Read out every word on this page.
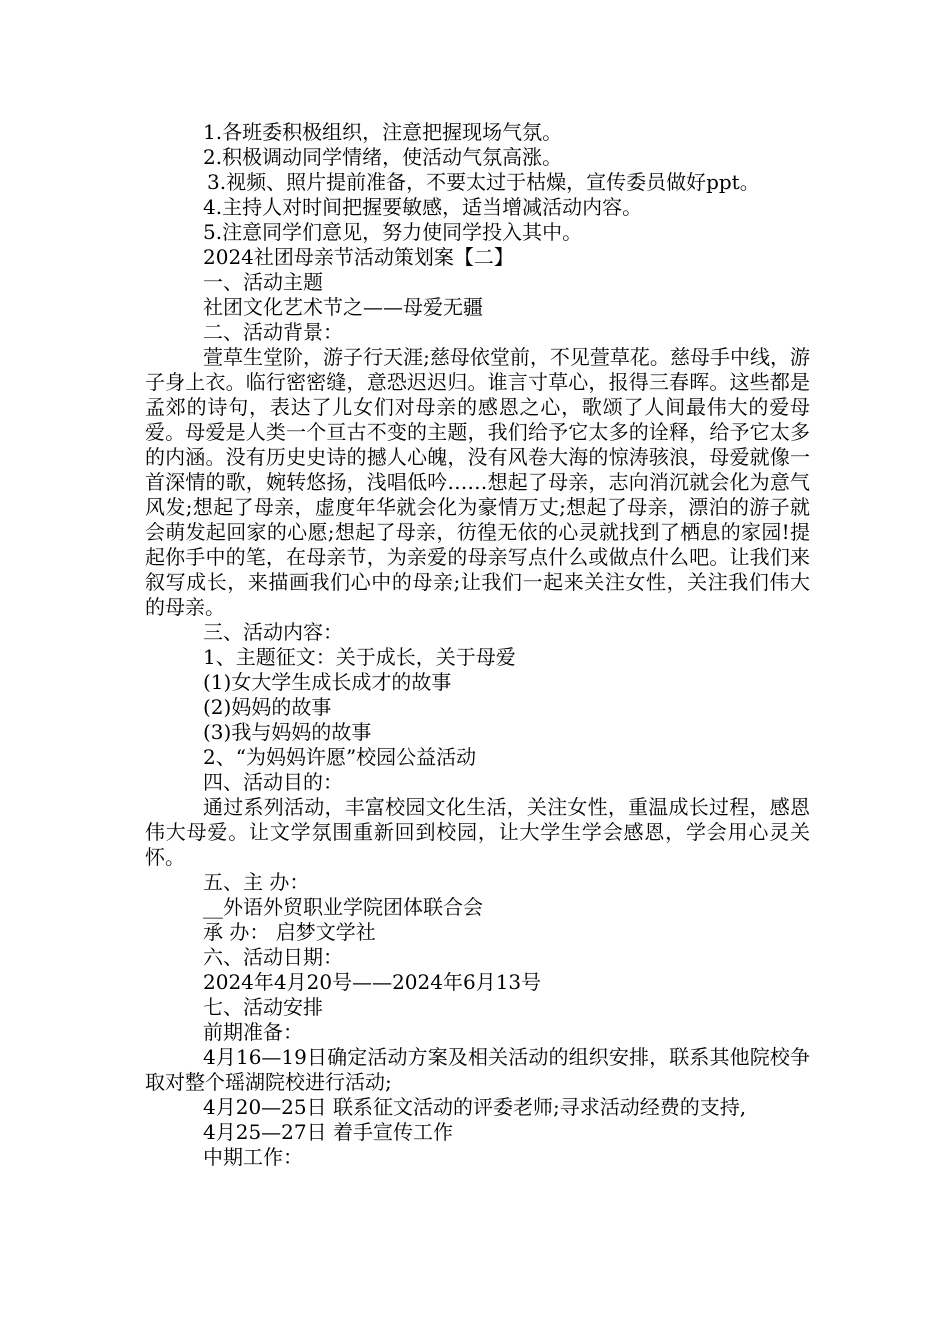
1.各班委积极组织，注意把握现场气氛。

2.积极调动同学情绪，使活动气氛高涨。

3.视频、照片提前准备，不要太过于枯燥，宣传委员做好ppt。

4.主持人对时间把握要敏感，适当增减活动内容。

5.注意同学们意见，努力使同学投入其中。

2024社团母亲节活动策划案【二】

一、活动主题

社团文化艺术节之——母爱无疆

二、活动背景：

萱草生堂阶，游子行天涯;慈母依堂前，不见萱草花。慈母手中线，游子身上衣。临行密密缝，意恐迟迟归。谁言寸草心，报得三春晖。这些都是孟郊的诗句，表达了儿女们对母亲的感恩之心，歌颂了人间最伟大的爱母爱。母爱是人类一个亘古不变的主题，我们给予它太多的诠释，给予它太多的内涵。没有历史史诗的撼人心魄，没有风卷大海的惊涛骇浪，母爱就像一首深情的歌，婉转悠扬，浅唱低吟……想起了母亲，志向消沉就会化为意气风发;想起了母亲，虚度年华就会化为豪情万丈;想起了母亲，漂泊的游子就会萌发起回家的心愿;想起了母亲，彷徨无依的心灵就找到了栖息的家园!提起你手中的笔，在母亲节，为亲爱的母亲写点什么或做点什么吧。让我们来叙写成长，来描画我们心中的母亲;让我们一起来关注女性，关注我们伟大的母亲。

三、活动内容：

1、主题征文：关于成长，关于母爱

(1)女大学生成长成才的故事

(2)妈妈的故事

(3)我与妈妈的故事

2、“为妈妈许愿”校园公益活动

四、活动目的：

通过系列活动，丰富校园文化生活，关注女性，重温成长过程，感恩伟大母爱。让文学氛围重新回到校园，让大学生学会感恩，学会用心灵关怀。

五、主 办：

__外语外贸职业学院团体联合会

承 办： 启梦文学社

六、活动日期：

2024年4月20号——2024年6月13号

七、活动安排

前期准备：

4月16—19日确定活动方案及相关活动的组织安排，联系其他院校争取对整个瑶湖院校进行活动;

4月20—25日 联系征文活动的评委老师;寻求活动经费的支持,

4月25—27日 着手宣传工作

中期工作：
